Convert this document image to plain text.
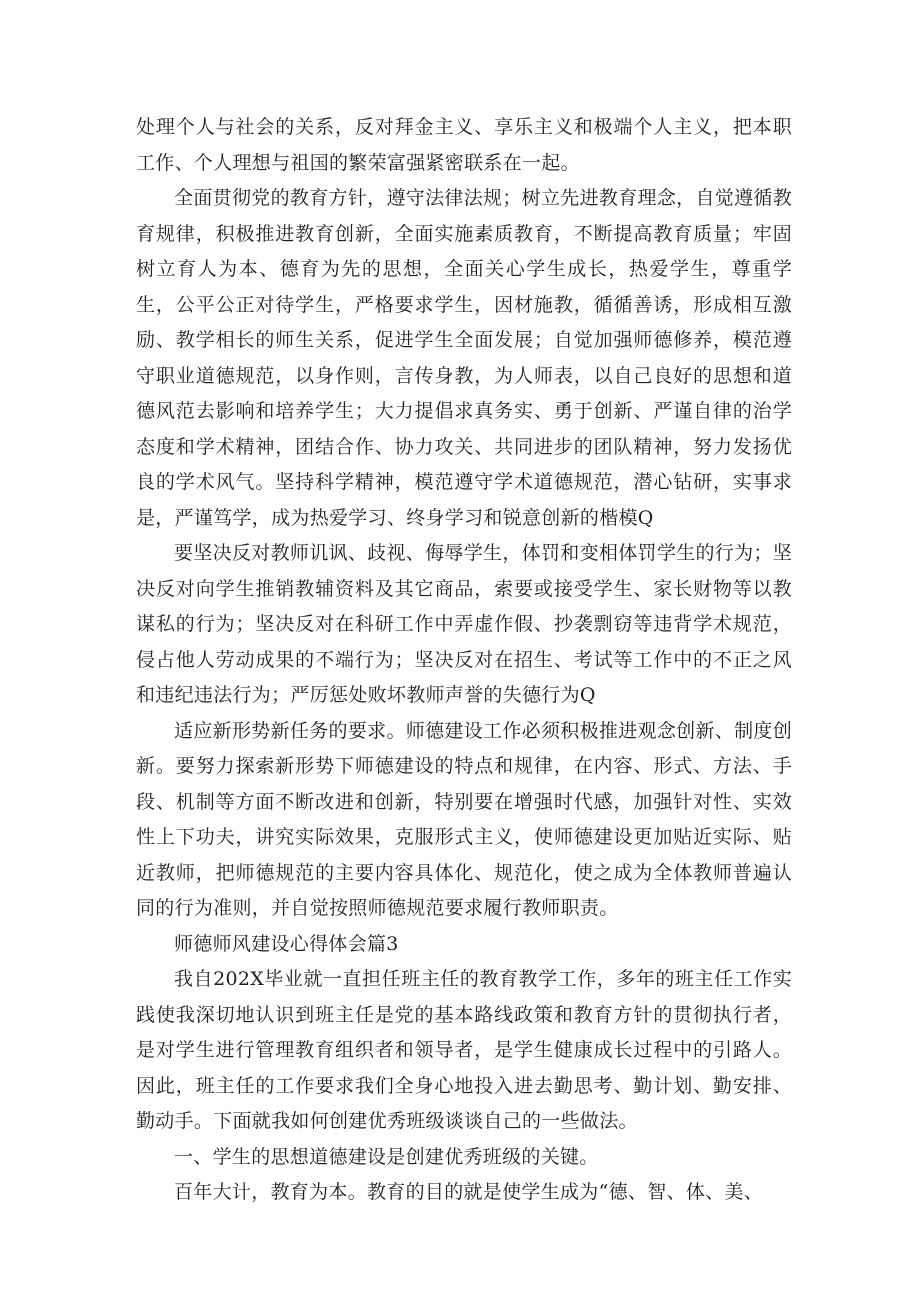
处理个人与社会的关系，反对拜金主义、享乐主义和极端个人主义，把本职工作、个人理想与祖国的繁荣富强紧密联系在一起。

全面贯彻党的教育方针，遵守法律法规；树立先进教育理念，自觉遵循教育规律，积极推进教育创新，全面实施素质教育，不断提高教育质量；牢固树立育人为本、德育为先的思想，全面关心学生成长，热爱学生，尊重学生，公平公正对待学生，严格要求学生，因材施教，循循善诱，形成相互激励、教学相长的师生关系，促进学生全面发展；自觉加强师德修养，模范遵守职业道德规范，以身作则，言传身教，为人师表，以自己良好的思想和道德风范去影响和培养学生；大力提倡求真务实、勇于创新、严谨自律的治学态度和学术精神，团结合作、协力攻关、共同进步的团队精神，努力发扬优良的学术风气。坚持科学精神，模范遵守学术道德规范，潜心钻研，实事求是，严谨笃学，成为热爱学习、终身学习和锐意创新的楷模Q

要坚决反对教师讥讽、歧视、侮辱学生，体罚和变相体罚学生的行为；坚决反对向学生推销教辅资料及其它商品，索要或接受学生、家长财物等以教谋私的行为；坚决反对在科研工作中弄虚作假、抄袭剽窃等违背学术规范，侵占他人劳动成果的不端行为；坚决反对在招生、考试等工作中的不正之风和违纪违法行为；严厉惩处败坏教师声誉的失德行为Q

适应新形势新任务的要求。师德建设工作必须积极推进观念创新、制度创新。要努力探索新形势下师德建设的特点和规律，在内容、形式、方法、手段、机制等方面不断改进和创新，特别要在增强时代感，加强针对性、实效性上下功夫，讲究实际效果，克服形式主义，使师德建设更加贴近实际、贴近教师，把师德规范的主要内容具体化、规范化，使之成为全体教师普遍认同的行为准则，并自觉按照师德规范要求履行教师职责。

师德师风建设心得体会篇3

我自202X毕业就一直担任班主任的教育教学工作，多年的班主任工作实践使我深切地认识到班主任是党的基本路线政策和教育方针的贯彻执行者，是对学生进行管理教育组织者和领导者，是学生健康成长过程中的引路人。因此，班主任的工作要求我们全身心地投入进去勤思考、勤计划、勤安排、勤动手。下面就我如何创建优秀班级谈谈自己的一些做法。

一、学生的思想道德建设是创建优秀班级的关键。

百年大计，教育为本。教育的目的就是使学生成为“德、智、体、美、
